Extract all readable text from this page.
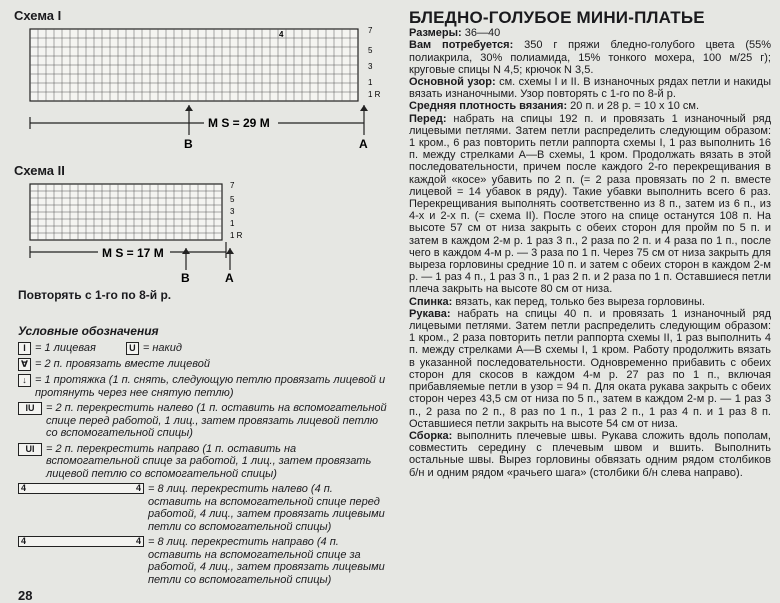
Схема I
7
5
3
1
1 R
4
M S = 29 M
B	A
Схема II
7
5
3
1
1 R
M S = 17 M
B	A
Повторять с 1-го по 8-й р.
Условные обозначения
I = 1 лицевая	U = накид
∀ = 2 п. провязать вместе лицевой
↓ = 1 протяжка (1 п. снять, следующую петлю провязать лицевой и протянуть через нее снятую петлю)
IU	= 2 п. перекрестить налево (1 п. оставить на вспомогательной спице перед работой, 1 лиц., затем провязать лицевой петлю со вспомогательной спицы)
UI	= 2 п. перекрестить направо (1 п. оставить на вспомогательной спице за работой, 1 лиц., затем провязать лицевой петлю со вспомогательной спицы)
4	4 = 8 лиц. перекрестить налево (4 п. оставить на вспомогательной спице перед работой, 4 лиц., затем провязать лицевыми петли со вспомогательной спицы)
4	4 = 8 лиц. перекрестить направо (4 п. оставить на вспомогательной спице за работой, 4 лиц., затем провязать лицевыми петли со вспомогательной спицы)
28
БЛЕДНО-ГОЛУБОЕ МИНИ-ПЛАТЬЕ
Размеры: 36—40
Вам потребуется: 350 г пряжи бледно-голубого цвета (55% полиакрила, 30% полиамида, 15% тонкого мохера, 100 м/25 г); круговые спицы N 4,5; крючок N 3,5.
Основной узор: см. схемы I и II. В изнаночных рядах петли и накиды вязать изнаночными. Узор повторять с 1-го по 8-й р.
Средняя плотность вязания: 20 п. и 28 р. = 10 х 10 см.
Перед: набрать на спицы 192 п. и провязать 1 изнаночный ряд лицевыми петлями. Затем петли распределить следующим образом: 1 кром., 6 раз повторить петли раппорта схемы I, 1 раз выполнить 16 п. между стрелками А—В схемы, 1 кром. Продолжать вязать в этой последовательности, причем после каждого 2-го перекрещивания в каждой «косе» убавить по 2 п. (= 2 раза провязать по 2 п. вместе лицевой = 14 убавок в ряду). Такие убавки выполнить всего 6 раз. Перекрещивания выполнять соответственно из 8 п., затем из 6 п., из 4-х и 2-х п. (= схема II). После этого на спице останутся 108 п. На высоте 57 см от низа закрыть с обеих сторон для пройм по 5 п. и затем в каждом 2-м р. 1 раз 3 п., 2 раза по 2 п. и 4 раза по 1 п., после чего в каждом 4-м р. — 3 раза по 1 п. Через 75 см от низа закрыть для выреза горловины средние 10 п. и затем с обеих сторон в каждом 2-м р. — 1 раз 4 п., 1 раз 3 п., 1 раз 2 п. и 2 раза по 1 п. Оставшиеся петли плеча закрыть на высоте 80 см от низа.
Спинка: вязать, как перед, только без выреза горловины.
Рукава: набрать на спицы 40 п. и провязать 1 изнаночный ряд лицевыми петлями. Затем петли распределить следующим образом: 1 кром., 2 раза повторить петли раппорта схемы II, 1 раз выполнить 4 п. между стрелками А—В схемы I, 1 кром. Работу продолжить вязать в указанной последовательности. Одновременно прибавить с обеих сторон для скосов в каждом 4-м р. 27 раз по 1 п., включая прибавляемые петли в узор = 94 п. Для оката рукава закрыть с обеих сторон через 43,5 см от низа по 5 п., затем в каждом 2-м р. — 1 раз 3 п., 2 раза по 2 п., 8 раз по 1 п., 1 раз 2 п., 1 раз 4 п. и 1 раз 8 п. Оставшиеся петли закрыть на высоте 54 см от низа.
Сборка: выполнить плечевые швы. Рукава сложить вдоль пополам, совместить середину с плечевым швом и вшить. Выполнить остальные швы. Вырез горловины обвязать одним рядом столбиков б/н и одним рядом «рачьего шага» (столбики б/н слева направо).
